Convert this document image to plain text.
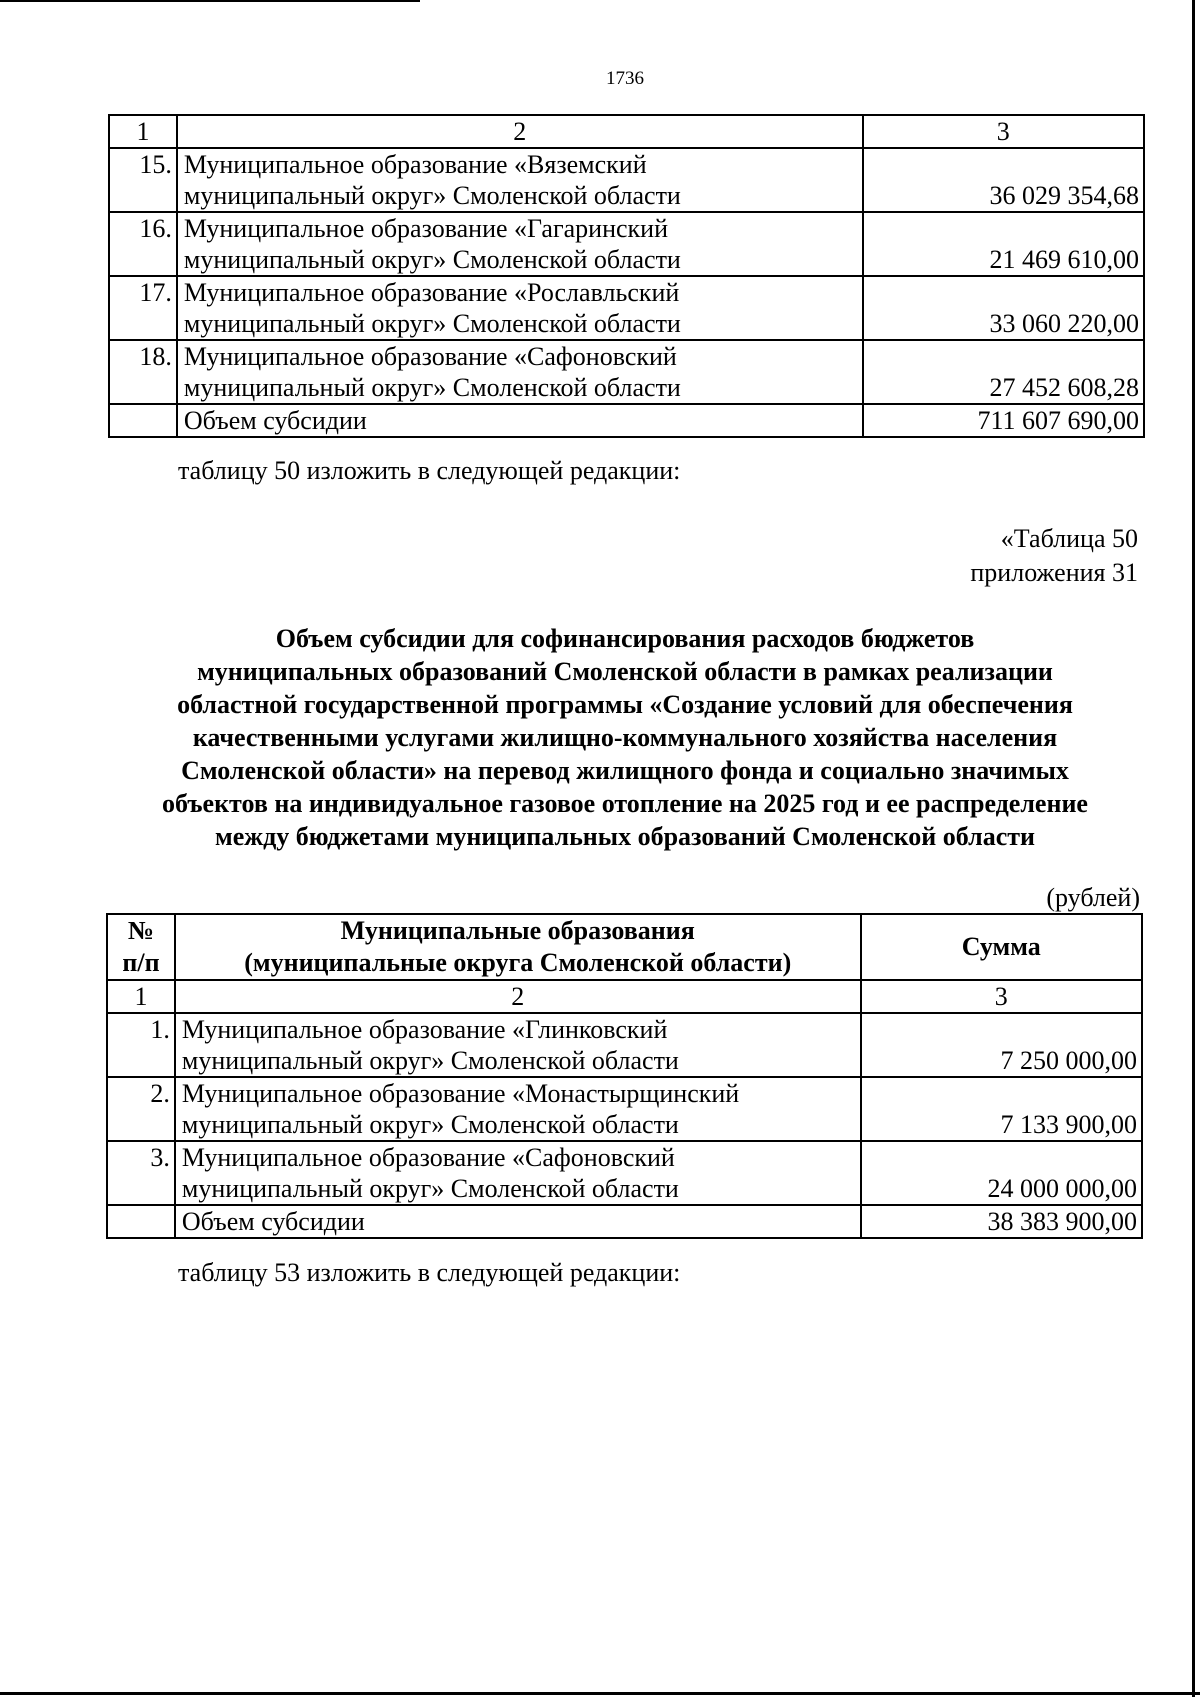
1736
1	2	3
15.	Муниципальное образование «Вяземский
муниципальный округ» Смоленской области	36 029 354,68
16.	Муниципальное образование «Гагаринский
муниципальный округ» Смоленской области	21 469 610,00
17.	Муниципальное образование «Рославльский
муниципальный округ» Смоленской области	33 060 220,00
18.	Муниципальное образование «Сафоновский
муниципальный округ» Смоленской области	27 452 608,28
	Объем субсидии	711 607 690,00
таблицу 50 изложить в следующей редакции:
«Таблица 50
приложения 31
Объем субсидии для софинансирования расходов бюджетов
муниципальных образований Смоленской области в рамках реализации
областной государственной программы «Создание условий для обеспечения
качественными услугами жилищно-коммунального хозяйства населения
Смоленской области» на перевод жилищного фонда и социально значимых
объектов на индивидуальное газовое отопление на 2025 год и ее распределение
между бюджетами муниципальных образований Смоленской области
(рублей)
№
п/п	Муниципальные образования
(муниципальные округа Смоленской области)	Сумма
1	2	3
1.	Муниципальное образование «Глинковский
муниципальный округ» Смоленской области	7 250 000,00
2.	Муниципальное образование «Монастырщинский
муниципальный округ» Смоленской области	7 133 900,00
3.	Муниципальное образование «Сафоновский
муниципальный округ» Смоленской области	24 000 000,00
	Объем субсидии	38 383 900,00
таблицу 53 изложить в следующей редакции:
